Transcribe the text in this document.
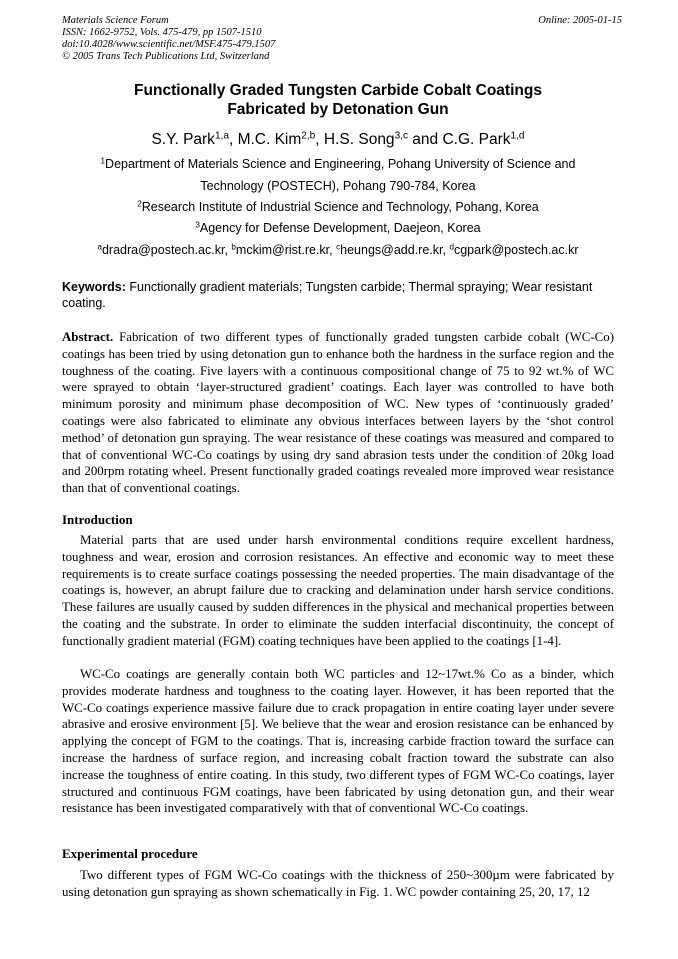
Materials Science Forum
ISSN: 1662-9752, Vols. 475-479, pp 1507-1510
doi:10.4028/www.scientific.net/MSF.475-479.1507
© 2005 Trans Tech Publications Ltd, Switzerland
Online: 2005-01-15
Functionally Graded Tungsten Carbide Cobalt Coatings
Fabricated by Detonation Gun
S.Y. Park$^{1,a}$, M.C. Kim$^{2,b}$, H.S. Song$^{3,c}$ and C.G. Park$^{1,d}$
$^1$Department of Materials Science and Engineering, Pohang University of Science and
Technology (POSTECH), Pohang 790-784, Korea
$^2$Research Institute of Industrial Science and Technology, Pohang, Korea
$^3$Agency for Defense Development, Daejeon, Korea
$^a$dradra@postech.ac.kr, $^b$mckim@rist.re.kr, $^c$heungs@add.re.kr, $^d$cgpark@postech.ac.kr
Keywords: Functionally gradient materials; Tungsten carbide; Thermal spraying; Wear resistant coating.
Abstract. Fabrication of two different types of functionally graded tungsten carbide cobalt (WC-Co) coatings has been tried by using detonation gun to enhance both the hardness in the surface region and the toughness of the coating. Five layers with a continuous compositional change of 75 to 92 wt.% of WC were sprayed to obtain ‘layer-structured gradient’ coatings. Each layer was controlled to have both minimum porosity and minimum phase decomposition of WC. New types of ‘continuously graded’ coatings were also fabricated to eliminate any obvious interfaces between layers by the ‘shot control method’ of detonation gun spraying. The wear resistance of these coatings was measured and compared to that of conventional WC-Co coatings by using dry sand abrasion tests under the condition of 20kg load and 200rpm rotating wheel. Present functionally graded coatings revealed more improved wear resistance than that of conventional coatings.
Introduction
Material parts that are used under harsh environmental conditions require excellent hardness, toughness and wear, erosion and corrosion resistances. An effective and economic way to meet these requirements is to create surface coatings possessing the needed properties. The main disadvantage of the coatings is, however, an abrupt failure due to cracking and delamination under harsh service conditions. These failures are usually caused by sudden differences in the physical and mechanical properties between the coating and the substrate. In order to eliminate the sudden interfacial discontinuity, the concept of functionally gradient material (FGM) coating techniques have been applied to the coatings [1-4].
WC-Co coatings are generally contain both WC particles and 12~17wt.% Co as a binder, which provides moderate hardness and toughness to the coating layer. However, it has been reported that the WC-Co coatings experience massive failure due to crack propagation in entire coating layer under severe abrasive and erosive environment [5]. We believe that the wear and erosion resistance can be enhanced by applying the concept of FGM to the coatings. That is, increasing carbide fraction toward the surface can increase the hardness of surface region, and increasing cobalt fraction toward the substrate can also increase the toughness of entire coating. In this study, two different types of FGM WC-Co coatings, layer structured and continuous FGM coatings, have been fabricated by using detonation gun, and their wear resistance has been investigated comparatively with that of conventional WC-Co coatings.
Experimental procedure
Two different types of FGM WC-Co coatings with the thickness of 250~300µm were fabricated by using detonation gun spraying as shown schematically in Fig. 1. WC powder containing 25, 20, 17, 12
